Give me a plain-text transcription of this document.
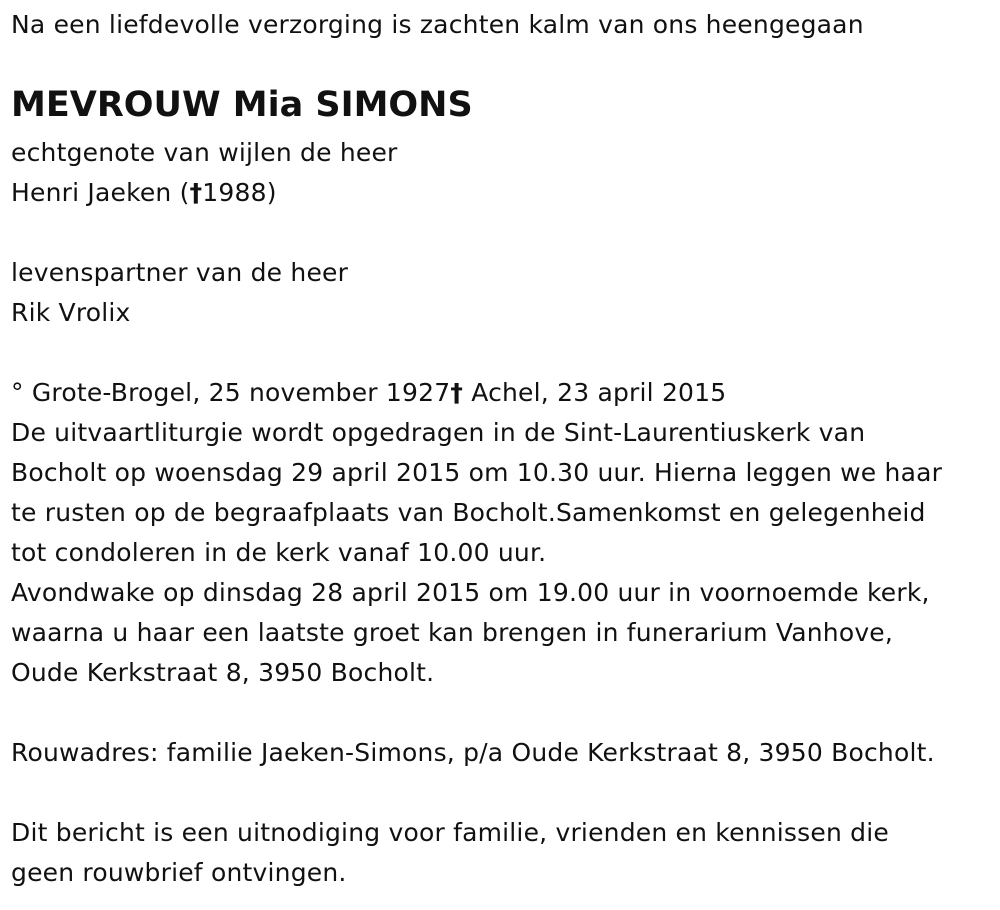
Na een liefdevolle verzorging is zachten kalm van ons heengegaan
MEVROUW Mia SIMONS
echtgenote van wijlen de heer
Henri Jaeken (†1988)
levenspartner van de heer
Rik Vrolix
° Grote-Brogel, 25 november 1927† Achel, 23 april 2015
De uitvaartliturgie wordt opgedragen in de Sint-Laurentiuskerk van
Bocholt op woensdag 29 april 2015 om 10.30 uur. Hierna leggen we haar
te rusten op de begraafplaats van Bocholt.Samenkomst en gelegenheid
tot condoleren in de kerk vanaf 10.00 uur.
Avondwake op dinsdag 28 april 2015 om 19.00 uur in voornoemde kerk,
waarna u haar een laatste groet kan brengen in funerarium Vanhove,
Oude Kerkstraat 8, 3950 Bocholt.
Rouwadres: familie Jaeken-Simons, p/a Oude Kerkstraat 8, 3950 Bocholt.
Dit bericht is een uitnodiging voor familie, vrienden en kennissen die
geen rouwbrief ontvingen.
